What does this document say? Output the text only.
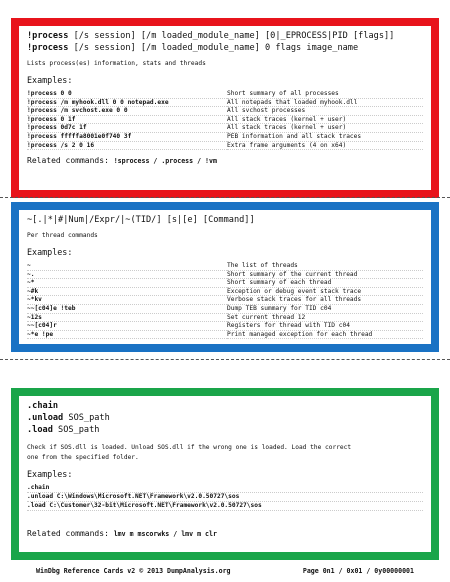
!process [/s session] [/m loaded_module_name] [0|_EPROCESS|PID [flags]]
!process [/s session] [/m loaded_module_name] 0 flags image_name
Lists process(es) information, stats and threads
Examples:
!process 0 0	Short summary of all processes
!process /m myhook.dll 0 0 notepad.exe	All notepads that loaded myhook.dll
!process /m svchost.exe 0 0	All svchost processes
!process 0 1f	All stack traces (kernel + user)
!process 0d7c 1f	All stack traces (kernel + user)
!process fffffa8001e0f740 3f	PEB information and all stack traces
!process /s 2 0 16	Extra frame arguments (4 on x64)
Related commands: !sprocess / .process / !vm
~[.|*|#|Num|/Expr/|~(TID/] [s|[e] [Command]]
Per thread commands
Examples:
~	The list of threads
~.	Short summary of the current thread
~*	Short summary of each thread
~#k	Exception or debug event stack trace
~*kv	Verbose stack traces for all threads
~~[c04]e !teb	Dump TEB summary for TID c04
~12s	Set current thread 12
~~[c04]r	Registers for thread with TID c04
~*e !pe	Print managed exception for each thread
.chain
.unload SOS_path
.load SOS_path
Check if SOS.dll is loaded. Unload SOS.dll if the wrong one is loaded. Load the correct
one from the specified folder.
Examples:
.chain
.unload C:\Windows\Microsoft.NET\Framework\v2.0.50727\sos
.load C:\Customer\32-bit\Microsoft.NET\Framework\v2.0.50727\sos
Related commands: lmv m mscorwks / lmv m clr
WinDbg Reference Cards v2 © 2013 DumpAnalysis.org	Page 0n1 / 0x01 / 0y00000001
